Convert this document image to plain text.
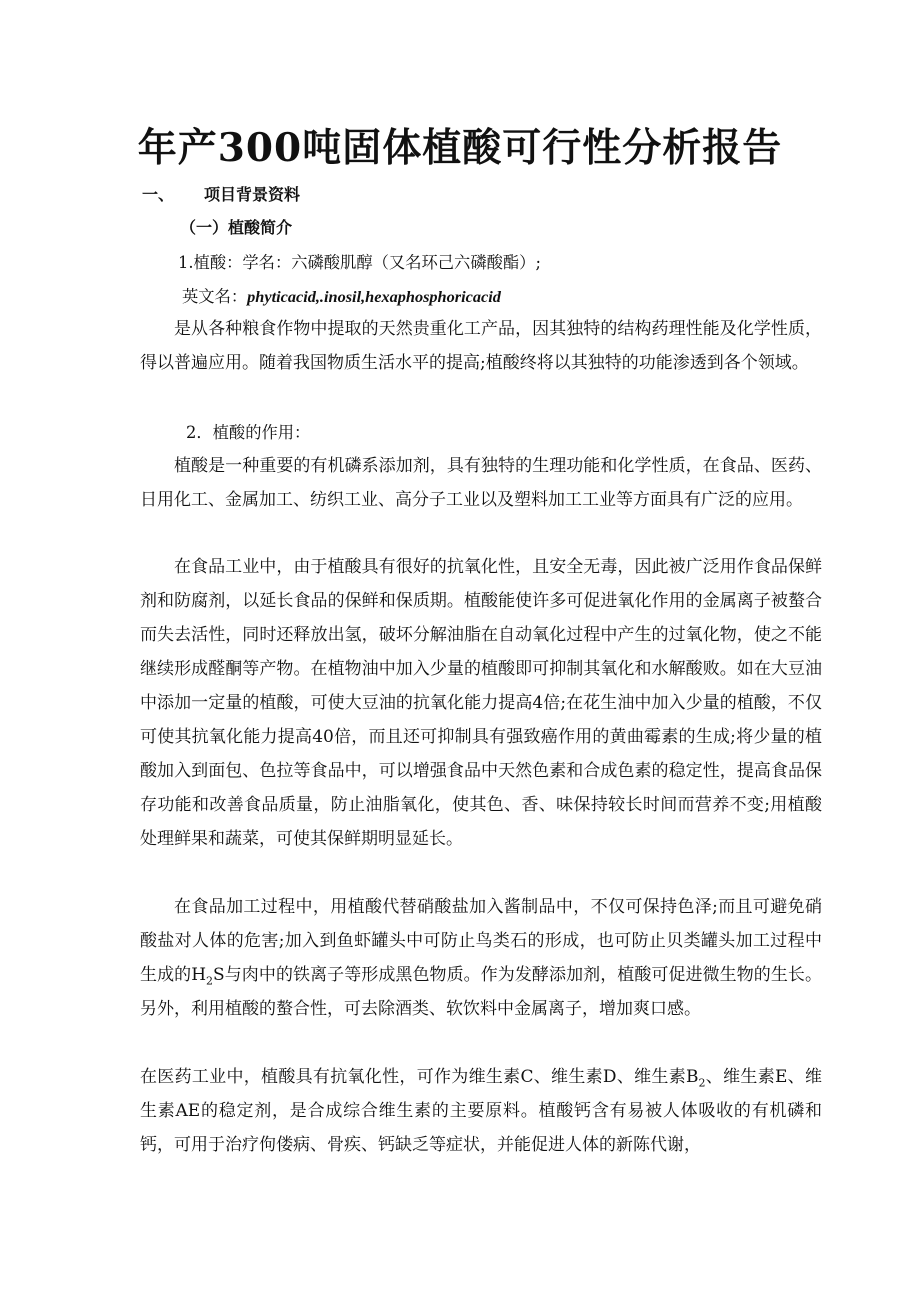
年产300吨固体植酸可行性分析报告
一、 项目背景资料
（一）植酸简介
1.植酸：学名：六磷酸肌醇（又名环己六磷酸酯）;
英文名：phyticacid,.inosil,hexaphosphoricacid
是从各种粮食作物中提取的天然贵重化工产品，因其独特的结构药理性能及化学性质，得以普遍应用。随着我国物质生活水平的提高;植酸终将以其独特的功能渗透到各个领域。
2．植酸的作用：
植酸是一种重要的有机磷系添加剂，具有独特的生理功能和化学性质，在食品、医药、日用化工、金属加工、纺织工业、高分子工业以及塑料加工工业等方面具有广泛的应用。
在食品工业中，由于植酸具有很好的抗氧化性，且安全无毒，因此被广泛用作食品保鲜剂和防腐剂，以延长食品的保鲜和保质期。植酸能使许多可促进氧化作用的金属离子被螯合而失去活性，同时还释放出氢，破坏分解油脂在自动氧化过程中产生的过氧化物，使之不能继续形成醛酮等产物。在植物油中加入少量的植酸即可抑制其氧化和水解酸败。如在大豆油中添加一定量的植酸，可使大豆油的抗氧化能力提高4倍;在花生油中加入少量的植酸，不仅可使其抗氧化能力提高40倍，而且还可抑制具有强致癌作用的黄曲霉素的生成;将少量的植酸加入到面包、色拉等食品中，可以增强食品中天然色素和合成色素的稳定性，提高食品保存功能和改善食品质量，防止油脂氧化，使其色、香、味保持较长时间而营养不变;用植酸处理鲜果和蔬菜，可使其保鲜期明显延长。
在食品加工过程中，用植酸代替硝酸盐加入酱制品中，不仅可保持色泽;而且可避免硝酸盐对人体的危害;加入到鱼虾罐头中可防止鸟类石的形成，也可防止贝类罐头加工过程中生成的$H_2S$与肉中的铁离子等形成黑色物质。作为发酵添加剂，植酸可促进微生物的生长。另外，利用植酸的螯合性，可去除酒类、软饮料中金属离子，增加爽口感。
在医药工业中，植酸具有抗氧化性，可作为维生素C、维生素D、维生素$B_2$、维生素E、维生素AE的稳定剂，是合成综合维生素的主要原料。植酸钙含有易被人体吸收的有机磷和钙，可用于治疗佝偻病、骨疾、钙缺乏等症状，并能促进人体的新陈代谢，
